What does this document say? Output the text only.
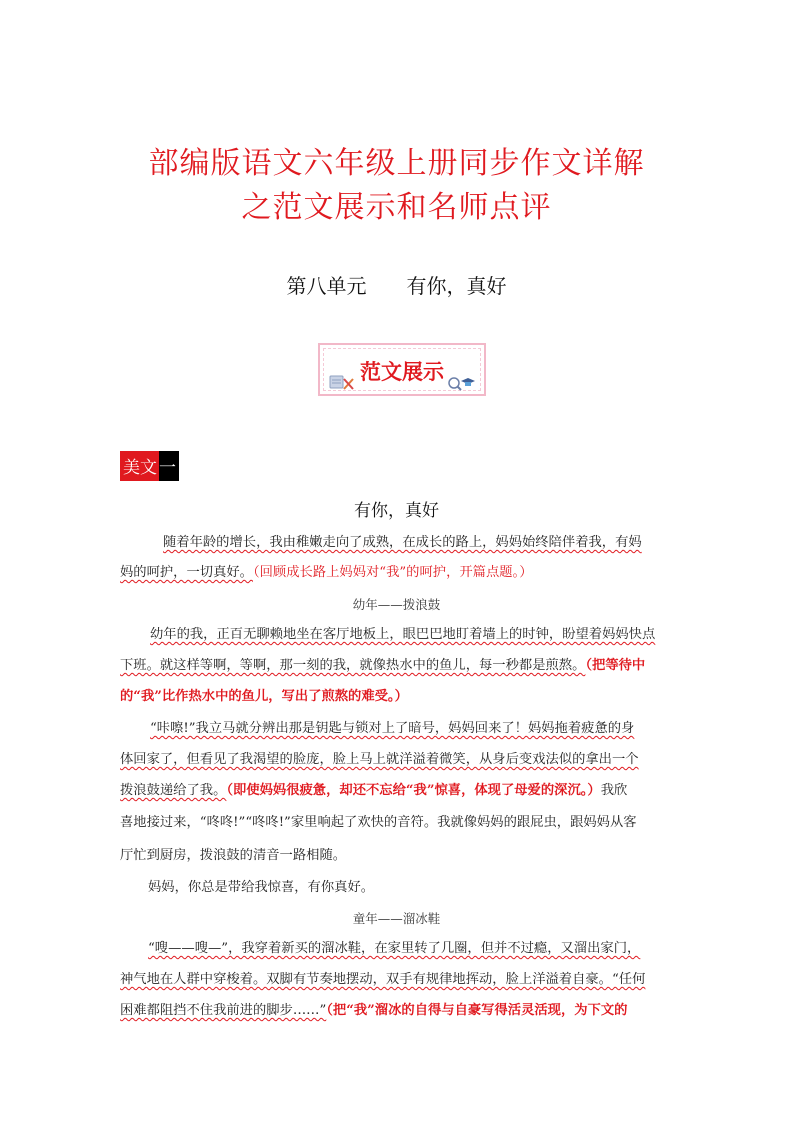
部编版语文六年级上册同步作文详解
之范文展示和名师点评
第八单元 有你，真好
范文展示
美文 一
有你，真好
随着年龄的增长，我由稚嫩走向了成熟，在成长的路上，妈妈始终陪伴着我，有妈
妈的呵护，一切真好。（回顾成长路上妈妈对“我”的呵护，开篇点题。）
幼年——拨浪鼓
幼年的我，正百无聊赖地坐在客厅地板上，眼巴巴地盯着墙上的时钟，盼望着妈妈快点
下班。就这样等啊，等啊，那一刻的我，就像热水中的鱼儿，每一秒都是煎熬。（把等待中
的“我”比作热水中的鱼儿，写出了煎熬的难受。）
“咔嚓!”我立马就分辨出那是钥匙与锁对上了暗号，妈妈回来了！妈妈拖着疲惫的身
体回家了，但看见了我渴望的脸庞，脸上马上就洋溢着微笑，从身后变戏法似的拿出一个
拨浪鼓递给了我。（即使妈妈很疲惫，却还不忘给“我”惊喜，体现了母爱的深沉。）我欣
喜地接过来，“咚咚!”“咚咚!”家里响起了欢快的音符。我就像妈妈的跟屁虫，跟妈妈从客
厅忙到厨房，拨浪鼓的清音一路相随。
妈妈，你总是带给我惊喜，有你真好。
童年——溜冰鞋
“嗖——嗖—”，我穿着新买的溜冰鞋，在家里转了几圈，但并不过瘾，又溜出家门，
神气地在人群中穿梭着。双脚有节奏地摆动，双手有规律地挥动，脸上洋溢着自豪。“任何
困难都阻挡不住我前进的脚步……”（把“我”溜冰的自得与自豪写得活灵活现，为下文的
